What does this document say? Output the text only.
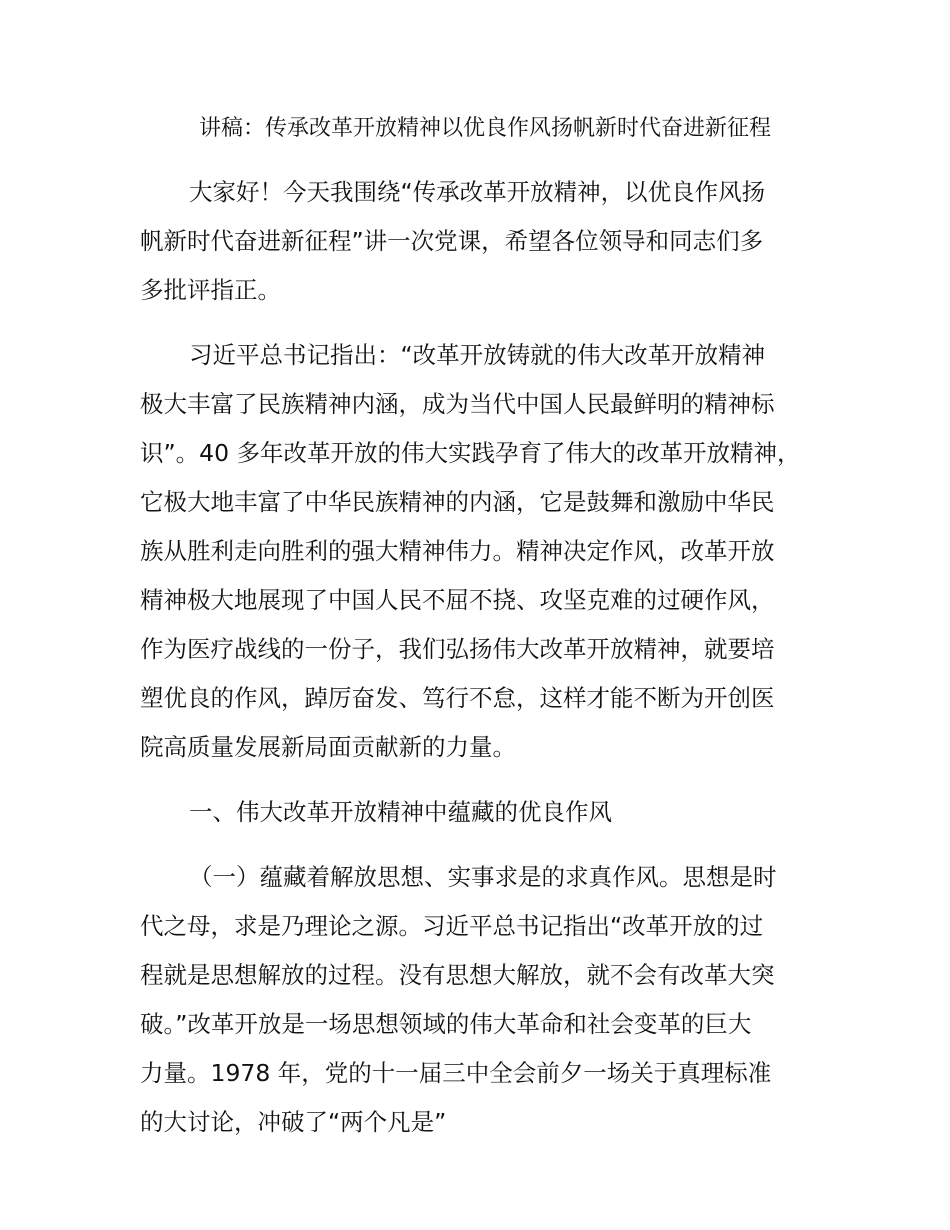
讲稿：传承改革开放精神以优良作风扬帆新时代奋进新征程
大家好！今天我围绕“传承改革开放精神，以优良作风扬
帆新时代奋进新征程”讲一次党课，希望各位领导和同志们多
多批评指正。
习近平总书记指出：“改革开放铸就的伟大改革开放精神
极大丰富了民族精神内涵，成为当代中国人民最鲜明的精神标
识”。40 多年改革开放的伟大实践孕育了伟大的改革开放精神，
它极大地丰富了中华民族精神的内涵，它是鼓舞和激励中华民
族从胜利走向胜利的强大精神伟力。精神决定作风，改革开放
精神极大地展现了中国人民不屈不挠、攻坚克难的过硬作风，
作为医疗战线的一份子，我们弘扬伟大改革开放精神，就要培
塑优良的作风，踔厉奋发、笃行不怠，这样才能不断为开创医
院高质量发展新局面贡献新的力量。
一、伟大改革开放精神中蕴藏的优良作风
（一）蕴藏着解放思想、实事求是的求真作风。思想是时
代之母，求是乃理论之源。习近平总书记指出“改革开放的过
程就是思想解放的过程。没有思想大解放，就不会有改革大突
破。”改革开放是一场思想领域的伟大革命和社会变革的巨大
力量。1978 年，党的十一届三中全会前夕一场关于真理标准
的大讨论，冲破了“两个凡是”
